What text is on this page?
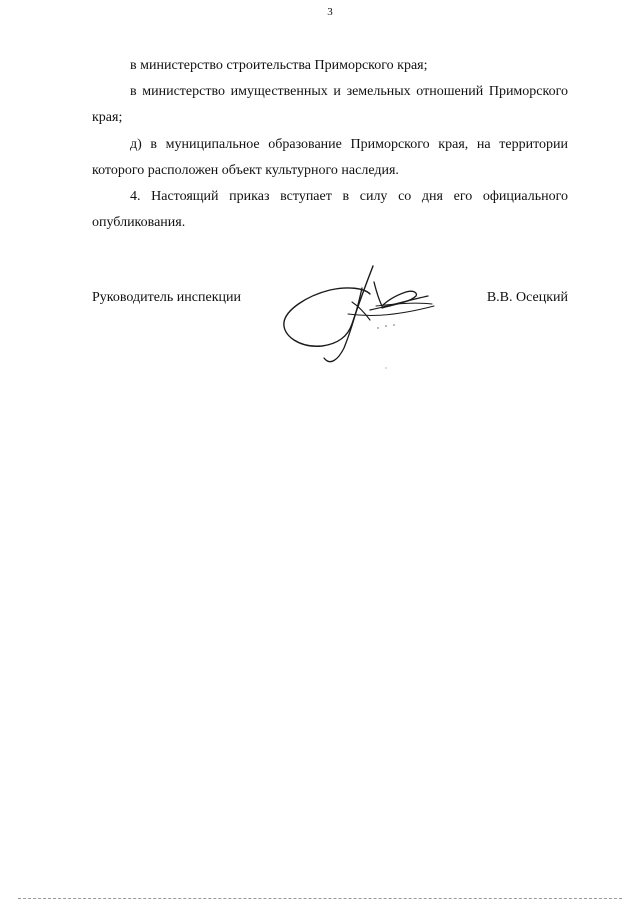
3

в министерство строительства Приморского края;

в министерство имущественных и земельных отношений Приморского края;

д) в муниципальное образование Приморского края, на территории которого расположен объект культурного наследия.

4. Настоящий приказ вступает в силу со дня его официального опубликования.

Руководитель инспекции	В.В. Осецкий
